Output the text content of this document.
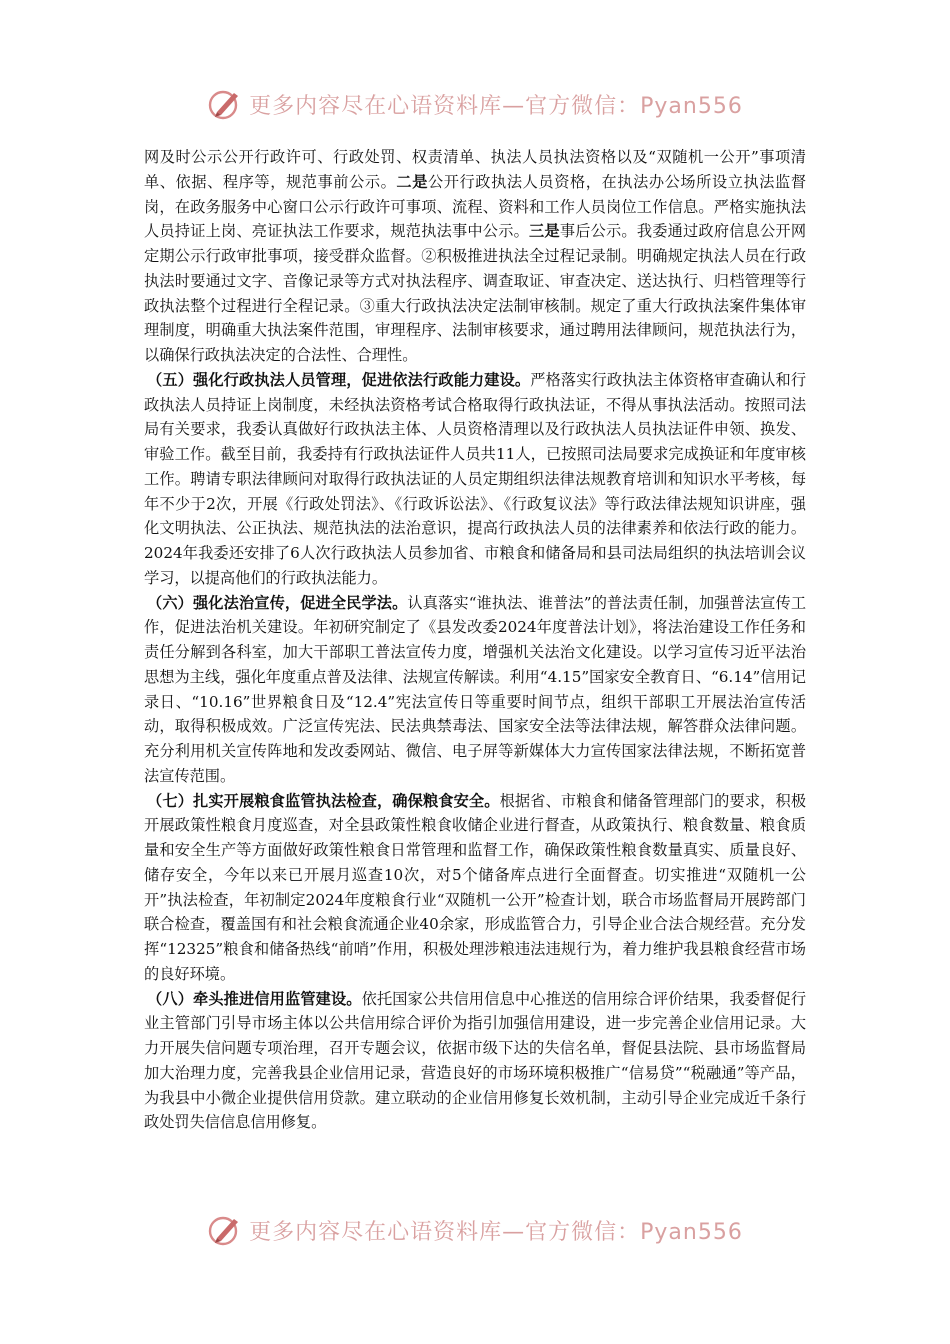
更多内容尽在心语资料库—官方微信：Pyan556

网及时公示公开行政许可、行政处罚、权责清单、执法人员执法资格以及“双随机一公开”事项清单、依据、程序等，规范事前公示。二是公开行政执法人员资格，在执法办公场所设立执法监督岗，在政务服务中心窗口公示行政许可事项、流程、资料和工作人员岗位工作信息。严格实施执法人员持证上岗、亮证执法工作要求，规范执法事中公示。三是事后公示。我委通过政府信息公开网定期公示行政审批事项，接受群众监督。②积极推进执法全过程记录制。明确规定执法人员在行政执法时要通过文字、音像记录等方式对执法程序、调查取证、审查决定、送达执行、归档管理等行政执法整个过程进行全程记录。③重大行政执法决定法制审核制。规定了重大行政执法案件集体审理制度，明确重大执法案件范围，审理程序、法制审核要求，通过聘用法律顾问，规范执法行为，以确保行政执法决定的合法性、合理性。

（五）强化行政执法人员管理，促进依法行政能力建设。严格落实行政执法主体资格审查确认和行政执法人员持证上岗制度，未经执法资格考试合格取得行政执法证，不得从事执法活动。按照司法局有关要求，我委认真做好行政执法主体、人员资格清理以及行政执法人员执法证件申领、换发、审验工作。截至目前，我委持有行政执法证件人员共11人，已按照司法局要求完成换证和年度审核工作。聘请专职法律顾问对取得行政执法证的人员定期组织法律法规教育培训和知识水平考核，每年不少于2次，开展《行政处罚法》、《行政诉讼法》、《行政复议法》等行政法律法规知识讲座，强化文明执法、公正执法、规范执法的法治意识，提高行政执法人员的法律素养和依法行政的能力。2024年我委还安排了6人次行政执法人员参加省、市粮食和储备局和县司法局组织的执法培训会议学习，以提高他们的行政执法能力。

（六）强化法治宣传，促进全民学法。认真落实“谁执法、谁普法”的普法责任制，加强普法宣传工作，促进法治机关建设。年初研究制定了《县发改委2024年度普法计划》，将法治建设工作任务和责任分解到各科室，加大干部职工普法宣传力度，增强机关法治文化建设。以学习宣传习近平法治思想为主线，强化年度重点普及法律、法规宣传解读。利用“4.15”国家安全教育日、“6.14”信用记录日、“10.16”世界粮食日及“12.4”宪法宣传日等重要时间节点，组织干部职工开展法治宣传活动，取得积极成效。广泛宣传宪法、民法典禁毒法、国家安全法等法律法规，解答群众法律问题。充分利用机关宣传阵地和发改委网站、微信、电子屏等新媒体大力宣传国家法律法规，不断拓宽普法宣传范围。

（七）扎实开展粮食监管执法检查，确保粮食安全。根据省、市粮食和储备管理部门的要求，积极开展政策性粮食月度巡查，对全县政策性粮食收储企业进行督查，从政策执行、粮食数量、粮食质量和安全生产等方面做好政策性粮食日常管理和监督工作，确保政策性粮食数量真实、质量良好、储存安全，今年以来已开展月巡查10次，对5个储备库点进行全面督查。切实推进“双随机一公开”执法检查，年初制定2024年度粮食行业“双随机一公开”检查计划，联合市场监督局开展跨部门联合检查，覆盖国有和社会粮食流通企业40余家，形成监管合力，引导企业合法合规经营。充分发挥“12325”粮食和储备热线“前哨”作用，积极处理涉粮违法违规行为，着力维护我县粮食经营市场的良好环境。

（八）牵头推进信用监管建设。依托国家公共信用信息中心推送的信用综合评价结果，我委督促行业主管部门引导市场主体以公共信用综合评价为指引加强信用建设，进一步完善企业信用记录。大力开展失信问题专项治理，召开专题会议，依据市级下达的失信名单，督促县法院、县市场监督局加大治理力度，完善我县企业信用记录，营造良好的市场环境积极推广“信易贷”“税融通”等产品，为我县中小微企业提供信用贷款。建立联动的企业信用修复长效机制，主动引导企业完成近千条行政处罚失信信息信用修复。

更多内容尽在心语资料库—官方微信：Pyan556
